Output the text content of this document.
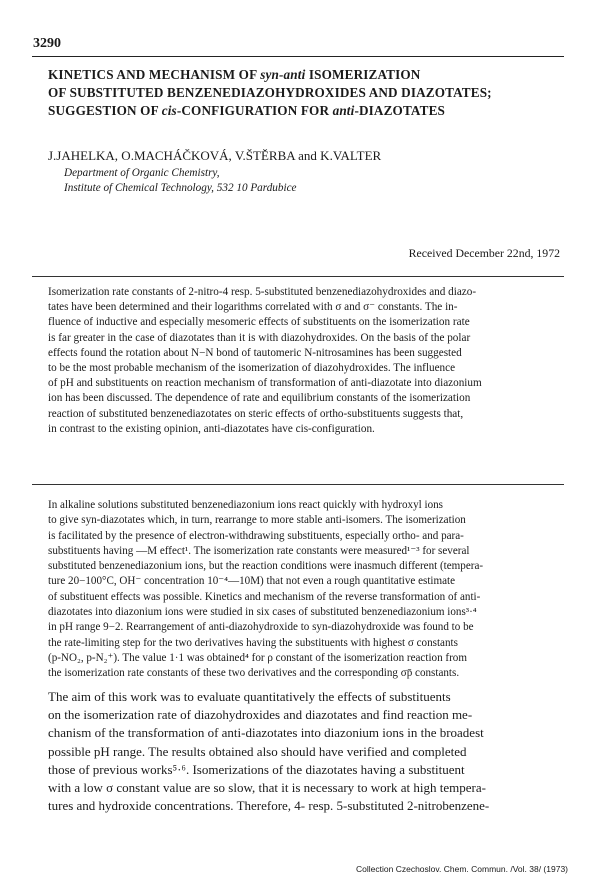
3290
KINETICS AND MECHANISM OF syn-anti ISOMERIZATION
OF SUBSTITUTED BENZENEDIAZOHYDROXIDES AND DIAZOTATES;
SUGGESTION OF cis-CONFIGURATION FOR anti-DIAZOTATES
J.JAHELKA, O.MACHÁČKOVÁ, V.ŠTĚRBA and K.VALTER
Department of Organic Chemistry,
Institute of Chemical Technology, 532 10 Pardubice
Received December 22nd, 1972
Isomerization rate constants of 2-nitro-4 resp. 5-substituted benzenediazohydroxides and diazo-
tates have been determined and their logarithms correlated with σ and σ⁻ constants. The in-
fluence of inductive and especially mesomeric effects of substituents on the isomerization rate
is far greater in the case of diazotates than it is with diazohydroxides. On the basis of the polar
effects found the rotation about N−N bond of tautomeric N-nitrosamines has been suggested
to be the most probable mechanism of the isomerization of diazohydroxides. The influence
of pH and substituents on reaction mechanism of transformation of anti-diazotate into diazonium
ion has been discussed. The dependence of rate and equilibrium constants of the isomerization
reaction of substituted benzenediazotates on steric effects of ortho-substituents suggests that,
in contrast to the existing opinion, anti-diazotates have cis-configuration.
In alkaline solutions substituted benzenediazonium ions react quickly with hydroxyl ions
to give syn-diazotates which, in turn, rearrange to more stable anti-isomers. The isomerization
is facilitated by the presence of electron-withdrawing substituents, especially ortho- and para-
substituents having —M effect¹. The isomerization rate constants were measured¹⁻³ for several
substituted benzenediazonium ions, but the reaction conditions were inasmuch different (tempera-
ture 20−100°C, OH⁻ concentration 10⁻⁴—10M) that not even a rough quantitative estimate
of substituent effects was possible. Kinetics and mechanism of the reverse transformation of anti-
diazotates into diazonium ions were studied in six cases of substituted benzenediazonium ions³·⁴
in pH range 9−2. Rearrangement of anti-diazohydroxide to syn-diazohydroxide was found to be
the rate-limiting step for the two derivatives having the substituents with highest σ constants
(p-NO₂, p-N₂⁺). The value 1·1 was obtained⁴ for ρ constant of the isomerization reaction from
the isomerization rate constants of these two derivatives and the corresponding σp̄ constants.
The aim of this work was to evaluate quantitatively the effects of substituents
on the isomerization rate of diazohydroxides and diazotates and find reaction me-
chanism of the transformation of anti-diazotates into diazonium ions in the broadest
possible pH range. The results obtained also should have verified and completed
those of previous works⁵·⁶. Isomerizations of the diazotates having a substituent
with a low σ constant value are so slow, that it is necessary to work at high tempera-
tures and hydroxide concentrations. Therefore, 4- resp. 5-substituted 2-nitrobenzene-
Collection Czechoslov. Chem. Commun. /Vol. 38/ (1973)
